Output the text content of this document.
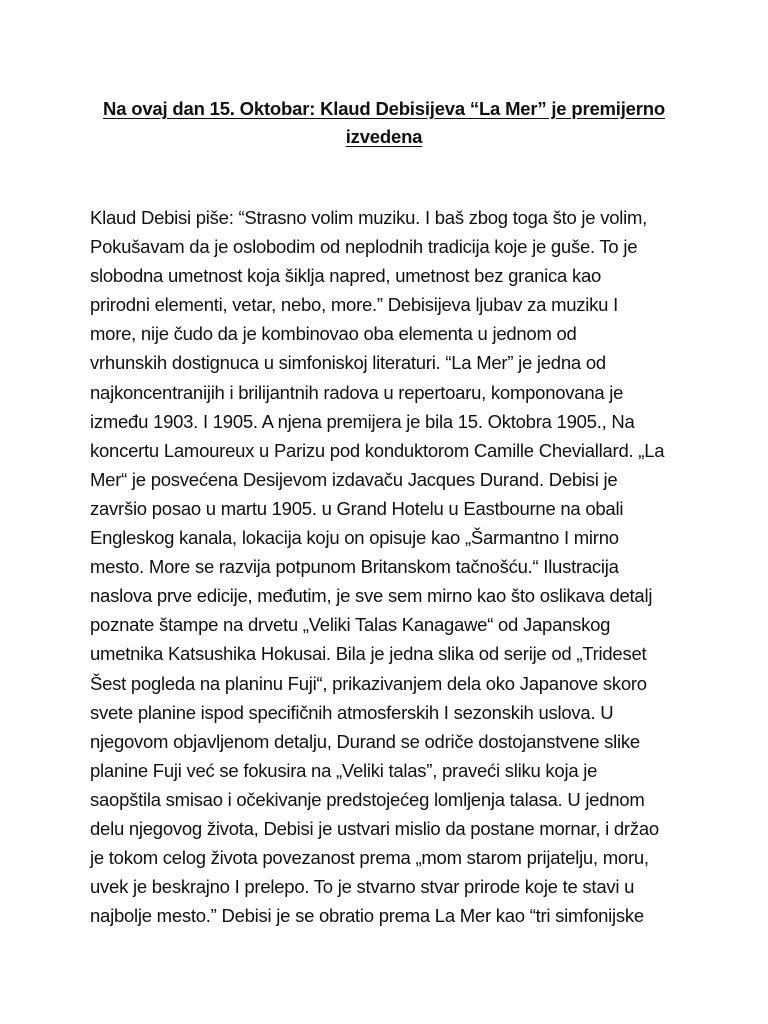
Na ovaj dan 15. Oktobar: Klaud Debisijeva “La Mer” je premijerno
izvedena
Klaud Debisi piše: “Strasno volim muziku. I baš zbog toga što je volim,
Pokušavam da je oslobodim od neplodnih tradicija koje je guše. To je
slobodna umetnost koja šiklja napred, umetnost bez granica kao
prirodni elementi, vetar, nebo, more.” Debisijeva ljubav za muziku I
more, nije čudo da je kombinovao oba elementa u jednom od
vrhunskih dostignuca u simfoniskoj literaturi. “La Mer” je jedna od
najkoncentranijih i brilijantnih radova u repertoaru, komponovana je
između 1903. I 1905. A njena premijera je bila 15. Oktobra 1905., Na
koncertu Lamoureux u Parizu pod konduktorom Camille Cheviallard. „La
Mer“ je posvećena Desijevom izdavaču Jacques Durand. Debisi je
završio posao u martu 1905. u Grand Hotelu u Eastbourne na obali
Engleskog kanala, lokacija koju on opisuje kao „Šarmantno I mirno
mesto. More se razvija potpunom Britanskom tačnošću.“ Ilustracija
naslova prve edicije, međutim, je sve sem mirno kao što oslikava detalj
poznate štampe na drvetu „Veliki Talas Kanagawe“ od Japanskog
umetnika Katsushika Hokusai. Bila je jedna slika od serije od „Trideset
Šest pogleda na planinu Fuji“, prikazivanjem dela oko Japanove skoro
svete planine ispod specifičnih atmosferskih I sezonskih uslova. U
njegovom objavljenom detalju, Durand se odriče dostojanstvene slike
planine Fuji već se fokusira na „Veliki talas”, praveći sliku koja je
saopštila smisao i očekivanje predstojećeg lomljenja talasa. U jednom
delu njegovog života, Debisi je ustvari mislio da postane mornar, i držao
je tokom celog života povezanost prema „mom starom prijatelju, moru,
uvek je beskrajno I prelepo. To je stvarno stvar prirode koje te stavi u
najbolje mesto.” Debisi je se obratio prema La Mer kao “tri simfonijske
